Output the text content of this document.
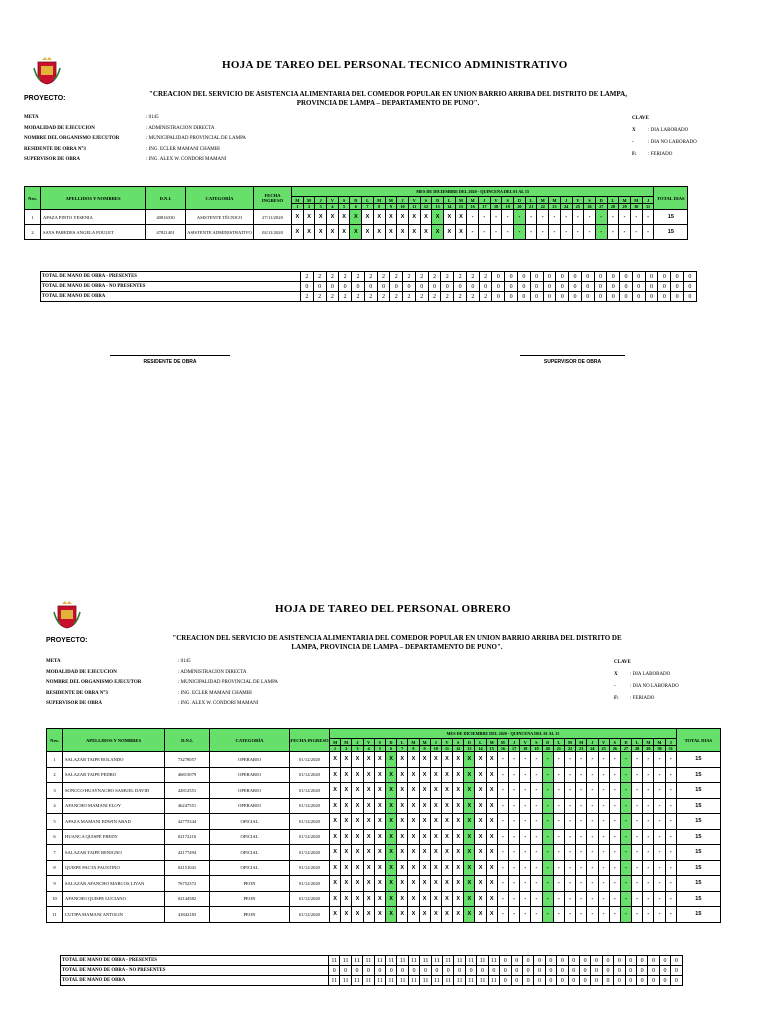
HOJA DE TAREO DEL PERSONAL TECNICO ADMINISTRATIVO
PROYECTO:
"CREACION DEL SERVICIO DE ASISTENCIA ALIMENTARIA DEL COMEDOR POPULAR EN UNION BARRIO ARRIBA DEL DISTRITO DE LAMPA, PROVINCIA DE LAMPA – DEPARTAMENTO DE PUNO".
META	: 0145
MODALIDAD DE EJECUCION	: ADMINISTRACION DIRECTA
NOMBRE DEL ORGANISMO EJECUTOR	: MUNICIPALIDAD PROVINCIAL DE LAMPA
RESIDENTE DE OBRA N°3	: ING. ECLER MAMANI CHAMBI
SUPERVISOR DE OBRA	: ING. ALEX W. CONDORI MAMANI
CLAVE
X	: DIA LABORADO
-	: DIA NO LABORADO
F:	: FERIADO
Nro.	APELLIDOS Y NOMBRES	D.N.I.	CATEGORÍA	FECHA INGRESO	MES DE DICIEMBRE DEL 2020 - QUINCENA DEL 01 AL 15																															TOTAL DIAS
					M	M	J	V	S	D	L	M	M	J	V	S	D	L	M	M	J	V	S	D	L	M	M	J	V	S	D	L	M	M	J	
					1	2	3	4	5	6	7	8	9	10	11	12	13	14	15	16	17	18	19	20	21	22	23	24	25	26	27	28	29	30	31	
1	APAZA PINTO YESENIA	40816330	ASISTENTE TÉCNICO	27/11/2020	X	X	X	X	X	X	X	X	X	X	X	X	X	X	X	-	-	-	-	-	-	-	-	-	-	-	-	-	-	-	-	15
2	SAYA PAREDES ANGELA POULET	47821401	ASISTENTE ADMINISTRATIVO	02/11/2020	X	X	X	X	X	X	X	X	X	X	X	X	X	X	X	-	-	-	-	-	-	-	-	-	-	-	-	-	-	-	-	15
TOTAL DE MANO DE OBRA - PRESENTES	2	2	2	2	2	2	2	2	2	2	2	2	2	2	2	0	0	0	0	0	0	0	0	0	0	0	0	0	0	0	0
TOTAL DE MANO DE OBRA - NO PRESENTES	0	0	0	0	0	0	0	0	0	0	0	0	0	0	0	0	0	0	0	0	0	0	0	0	0	0	0	0	0	0	0
TOTAL DE MANO DE OBRA	2	2	2	2	2	2	2	2	2	2	2	2	2	2	2	0	0	0	0	0	0	0	0	0	0	0	0	0	0	0	0
RESIDENTE DE OBRA	SUPERVISOR DE OBRA
HOJA DE TAREO DEL PERSONAL OBRERO
PROYECTO:	"CREACION DEL SERVICIO DE ASISTENCIA ALIMENTARIA DEL COMEDOR POPULAR EN UNION BARRIO ARRIBA DEL DISTRITO DE LAMPA, PROVINCIA DE LAMPA – DEPARTAMENTO DE PUNO".
META	: 0145
MODALIDAD DE EJECUCION	: ADMINISTRACION DIRECTA
NOMBRE DEL ORGANISMO EJECUTOR	: MUNICIPALIDAD PROVINCIAL DE LAMPA
RESIDENTE DE OBRA N°3	: ING. ECLER MAMANI CHAMBI
SUPERVISOR DE OBRA	: ING. ALEX W. CONDORI MAMANI
CLAVE
X	: DIA LABORADO
-	: DIA NO LABORADO
F:	: FERIADO
Nro.	APELLIDOS Y NOMBRES	D.N.I.	CATEGORÍA	FECHA INGRESO	MES DE DICIEMBRE DEL 2020 - QUINCENA DEL 01 AL 15																															TOTAL DIAS
					M	M	J	V	S	D	L	M	M	J	V	S	D	L	M	M	J	V	S	D	L	M	M	J	V	S	D	L	M	M	J	
					1	2	3	4	5	6	7	8	9	10	11	12	13	14	15	16	17	18	19	20	21	22	23	24	25	26	27	28	29	30	31	
1	SALAZAR TAIPE ROLANDO	73278057	OPERARIO	01/12/2020	X	X	X	X	X	X	X	X	X	X	X	X	X	X	X	-	-	-	-	-	-	-	-	-	-	-	-	-	-	-	-	15
2	SALAZAR TAIPE PEDRO	46815079	OPERARIO	01/12/2020	X	X	X	X	X	X	X	X	X	X	X	X	X	X	X	-	-	-	-	-	-	-	-	-	-	-	-	-	-	-	-	15
3	SONCCO HUAYNACHO SAMUEL DAVID	42812551	OPERARIO	01/12/2020	X	X	X	X	X	X	X	X	X	X	X	X	X	X	X	-	-	-	-	-	-	-	-	-	-	-	-	-	-	-	-	15
4	AFANCHO MAMANI ELOY	46247551	OPERARIO	01/12/2020	X	X	X	X	X	X	X	X	X	X	X	X	X	X	X	-	-	-	-	-	-	-	-	-	-	-	-	-	-	-	-	15
5	APAZA MAMANI EDWIN ABAD	42775344	OFICIAL	01/12/2020	X	X	X	X	X	X	X	X	X	X	X	X	X	X	X	-	-	-	-	-	-	-	-	-	-	-	-	-	-	-	-	15
6	HUANCA QUISPE FREDY	02172216	OFICIAL	01/12/2020	X	X	X	X	X	X	X	X	X	X	X	X	X	X	X	-	-	-	-	-	-	-	-	-	-	-	-	-	-	-	-	15
7	SALAZAR TAIPE BENIGNO	42177494	OFICIAL	01/12/2020	X	X	X	X	X	X	X	X	X	X	X	X	X	X	X	-	-	-	-	-	-	-	-	-	-	-	-	-	-	-	-	15
8	QUISPE PACTA FAUSTINO	02151041	OFICIAL	01/12/2020	X	X	X	X	X	X	X	X	X	X	X	X	X	X	X	-	-	-	-	-	-	-	-	-	-	-	-	-	-	-	-	15
9	SALAZAR AFANCHO MARCOS LIVAN	76752372	PEON	01/12/2020	X	X	X	X	X	X	X	X	X	X	X	X	X	X	X	-	-	-	-	-	-	-	-	-	-	-	-	-	-	-	-	15
10	AFANCHO QUISPE LUCIANO	02144582	PEON	01/12/2020	X	X	X	X	X	X	X	X	X	X	X	X	X	X	X	-	-	-	-	-	-	-	-	-	-	-	-	-	-	-	-	15
11	CUTIPA MAMANI ANTOLIN	41842183	PEON	01/12/2020	X	X	X	X	X	X	X	X	X	X	X	X	X	X	X	-	-	-	-	-	-	-	-	-	-	-	-	-	-	-	-	15
TOTAL DE MANO DE OBRA - PRESENTES	11	11	11	11	11	11	11	11	11	11	11	11	11	11	11	0	0	0	0	0	0	0	0	0	0	0	0	0	0	0	0
TOTAL DE MANO DE OBRA - NO PRESENTES	0	0	0	0	0	0	0	0	0	0	0	0	0	0	0	0	0	0	0	0	0	0	0	0	0	0	0	0	0	0	0
TOTAL DE MANO DE OBRA	11	11	11	11	11	11	11	11	11	11	11	11	11	11	11	0	0	0	0	0	0	0	0	0	0	0	0	0	0	0	0
